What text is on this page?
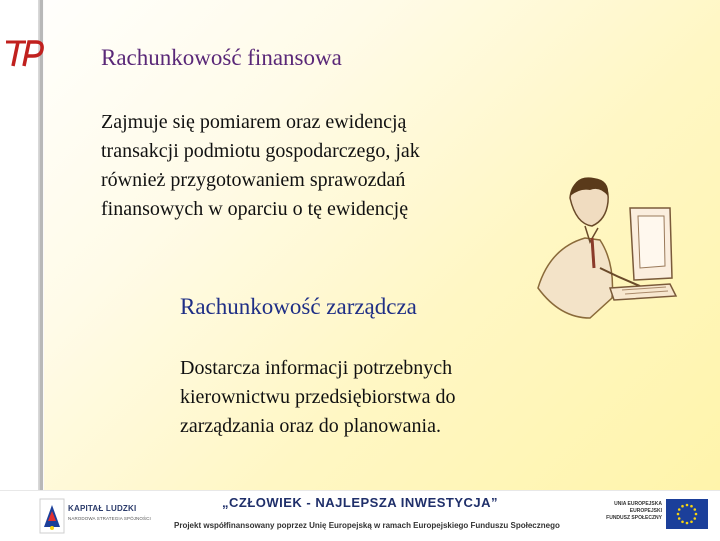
Rachunkowość finansowa
Zajmuje się pomiarem oraz ewidencją
transakcji podmiotu gospodarczego, jak
również przygotowaniem sprawozdań
finansowych w oparciu o tę ewidencję
Rachunkowość zarządcza
Dostarcza informacji potrzebnych
kierownictwu przedsiębiorstwa do
zarządzania oraz do planowania.
KAPITAŁ LUDZKI
NARODOWA STRATEGIA SPÓJNOŚCI
„CZŁOWIEK - NAJLEPSZA INWESTYCJA”
Projekt współfinansowany poprzez Unię Europejską w ramach Europejskiego Funduszu Społecznego
UNIA EUROPEJSKA
EUROPEJSKI
FUNDUSZ SPOŁECZNY
